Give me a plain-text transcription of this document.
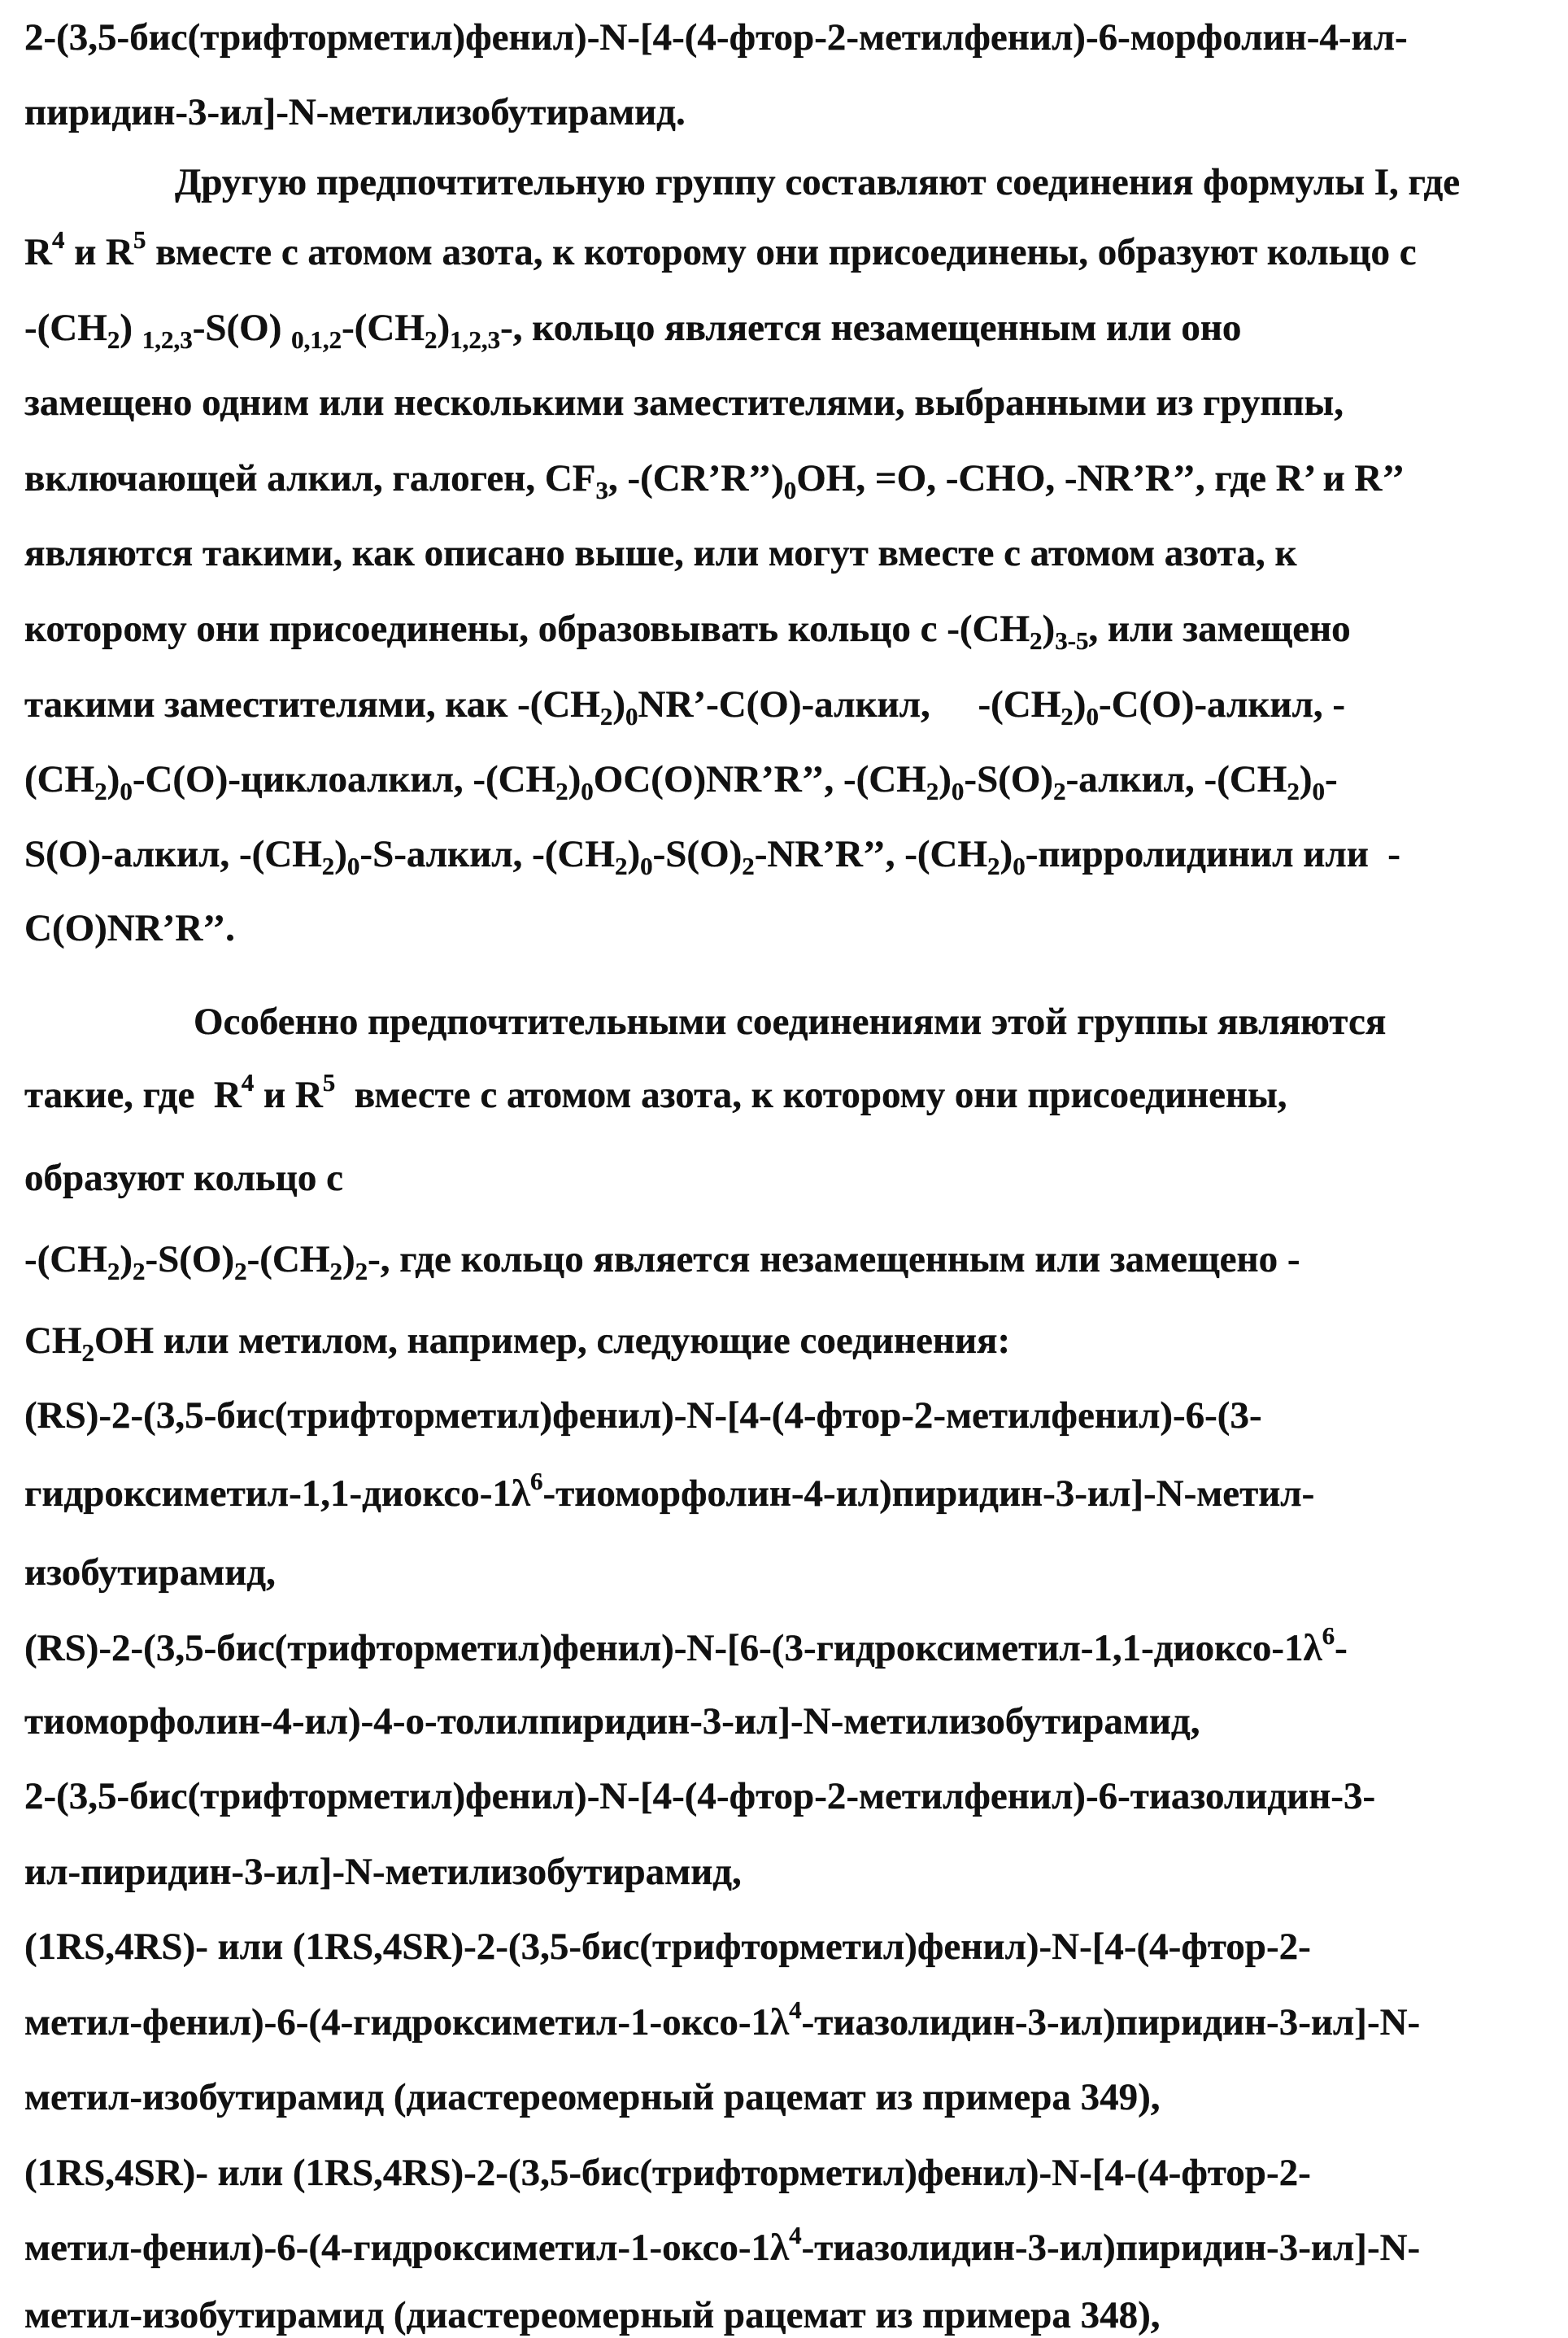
2-(3,5-бис(трифторметил)фенил)-N-[4-(4-фтор-2-метилфенил)-6-морфолин-4-ил-
пиридин-3-ил]-N-метилизобутирамид.
Другую предпочтительную группу составляют соединения формулы I, где
$R^4$ и $R^5$ вместе с атомом азота, к которому они присоединены, образуют кольцо с
$-(CH_2)$ $_{1,2,3}$-S(O) $_{0,1,2}-(CH_2)_{1,2,3}-$, кольцо является незамещенным или оно
замещено одним или несколькими заместителями, выбранными из группы,
включающей алкил, галоген, $CF_3$, $-(CR’R’’)_0OH$, =O, -CHO, -NR’R’’, где R’ и R’’
являются такими, как описано выше, или могут вместе с атомом азота, к
которому они присоединены, образовывать кольцо с $-(CH_2)_{3-5}$, или замещено
такими заместителями, как $-(CH_2)_0NR’-C(O)$-алкил,     $-(CH_2)_0-C(O)$-алкил, -
$(CH_2)_0-C(O)$-циклоалкил, $-(CH_2)_0OC(O)NR’R$’’, $-(CH_2)_0-S(O)_2$-алкил, $-(CH_2)_0-$
S(O)-алкил, $-(CH_2)_0-S$-алкил, $-(CH_2)_0-S(O)_2-NR’R$’’, $-(CH_2)_0$-пирролидинил или  -
C(O)NR’R’’.
Особенно предпочтительными соединениями этой группы являются
такие, где  $R^4$ и $R^5$  вместе с атомом азота, к которому они присоединены,
образуют кольцо с
$-(CH_2)_2-S(O)_2-(CH_2)_2-$, где кольцо является незамещенным или замещено -
$CH_2OH$ или метилом, например, следующие соединения:
(RS)-2-(3,5-бис(трифторметил)фенил)-N-[4-(4-фтор-2-метилфенил)-6-(3-
гидроксиметил-$1,1-диоксо-1\lambda^6-тиоморфолин-4-ил)пиридин-3-ил]-N-метил-$
изобутирамид,
$(RS)-2-(3,5-бис(трифторметил)фенил)-N-[6-(3-гидроксиметил-1,1-диоксо-1\lambda^6-$
тиоморфолин-4-ил)-4-о-толилпиридин-3-ил]-N-метилизобутирамид,
2-(3,5-бис(трифторметил)фенил)-N-[4-(4-фтор-2-метилфенил)-6-тиазолидин-3-
ил-пиридин-3-ил]-N-метилизобутирамид,
(1RS,4RS)- или (1RS,4SR)-2-(3,5-бис(трифторметил)фенил)-N-[4-(4-фтор-2-
метил-$фенил)-6-(4-гидроксиметил-1-оксо-1\lambda^4-тиазолидин-3-ил)пиридин-3-ил]-N-$
метил-изобутирамид (диастереомерный рацемат из примера 349),
(1RS,4SR)- или (1RS,4RS)-2-(3,5-бис(трифторметил)фенил)-N-[4-(4-фтор-2-
метил-$фенил)-6-(4-гидроксиметил-1-оксо-1\lambda^4-тиазолидин-3-ил)пиридин-3-ил]-N-$
метил-изобутирамид (диастереомерный рацемат из примера 348),
